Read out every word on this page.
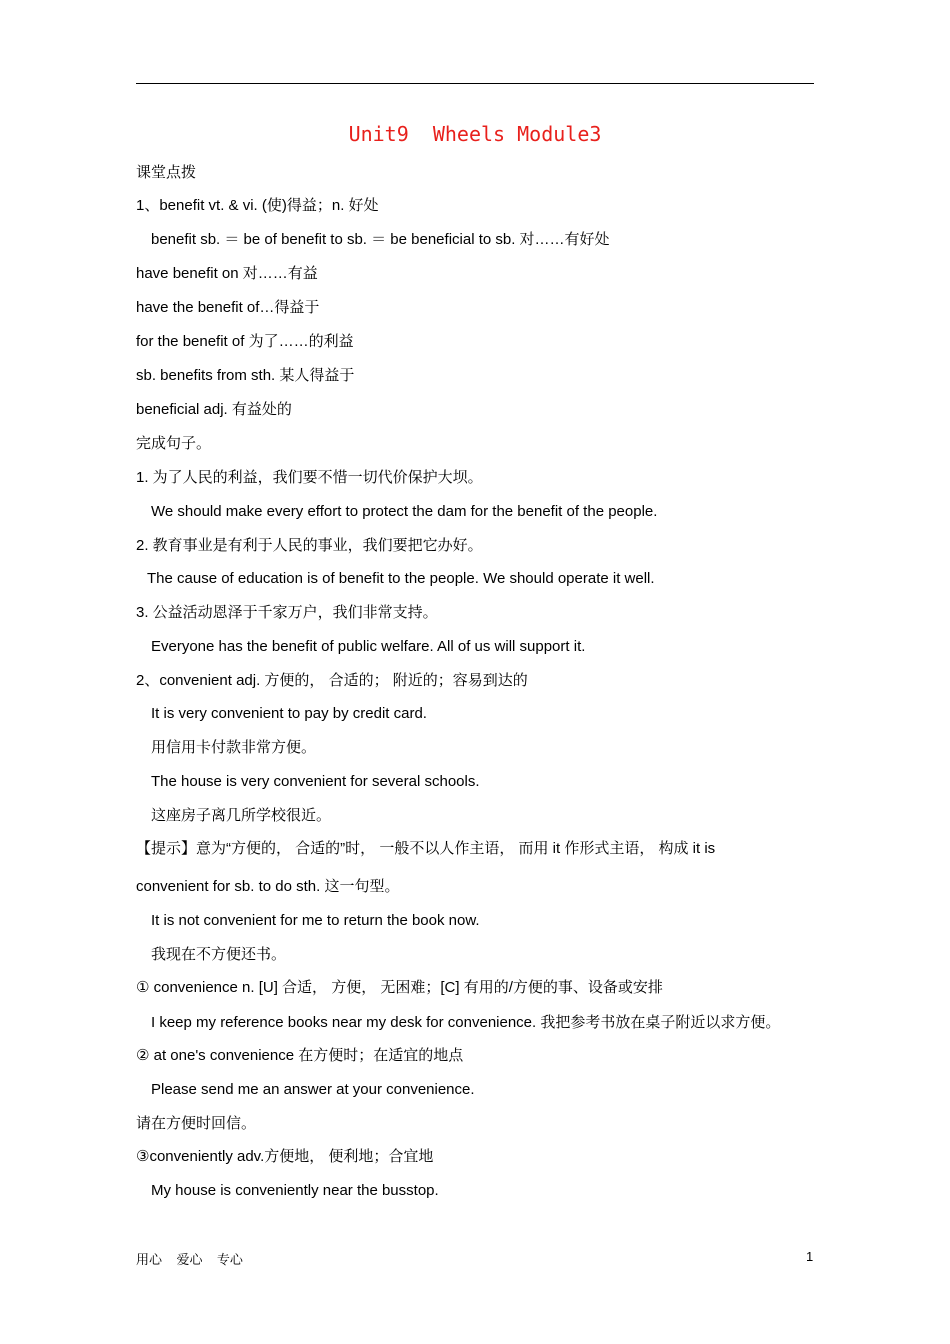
Unit9  Wheels Module3
课堂点拨
1、benefit vt. & vi. (使)得益；n. 好处
benefit sb. ＝ be of benefit to sb. ＝ be beneficial to sb. 对……有好处
have benefit on 对……有益
have the benefit of…得益于
for the benefit of 为了……的利益
sb. benefits from sth. 某人得益于
beneficial adj. 有益处的
完成句子。
1. 为了人民的利益，我们要不惜一切代价保护大坝。
We should make every effort to protect the dam for the benefit of the people.
2. 教育事业是有利于人民的事业，我们要把它办好。
The cause of education is of benefit to the people. We should operate it well.
3. 公益活动恩泽于千家万户，我们非常支持。
Everyone has the benefit of public welfare. All of us will support it.
2、convenient adj. 方便的， 合适的； 附近的；容易到达的
It is very convenient to pay by credit card.
用信用卡付款非常方便。
The house is very convenient for several schools.
这座房子离几所学校很近。
【提示】意为“方便的， 合适的”时， 一般不以人作主语， 而用 it 作形式主语， 构成 it is
convenient for sb. to do sth. 这一句型。
It is not convenient for me to return the book now.
我现在不方便还书。
① convenience n. [U] 合适， 方便， 无困难；[C] 有用的/方便的事、设备或安排
I keep my reference books near my desk for convenience. 我把参考书放在桌子附近以求方便。
② at one's convenience 在方便时；在适宜的地点
Please send me an answer at your convenience.
请在方便时回信。
③conveniently adv.方便地， 便利地；合宜地
My house is conveniently near the busstop.
用心    爱心    专心	1
